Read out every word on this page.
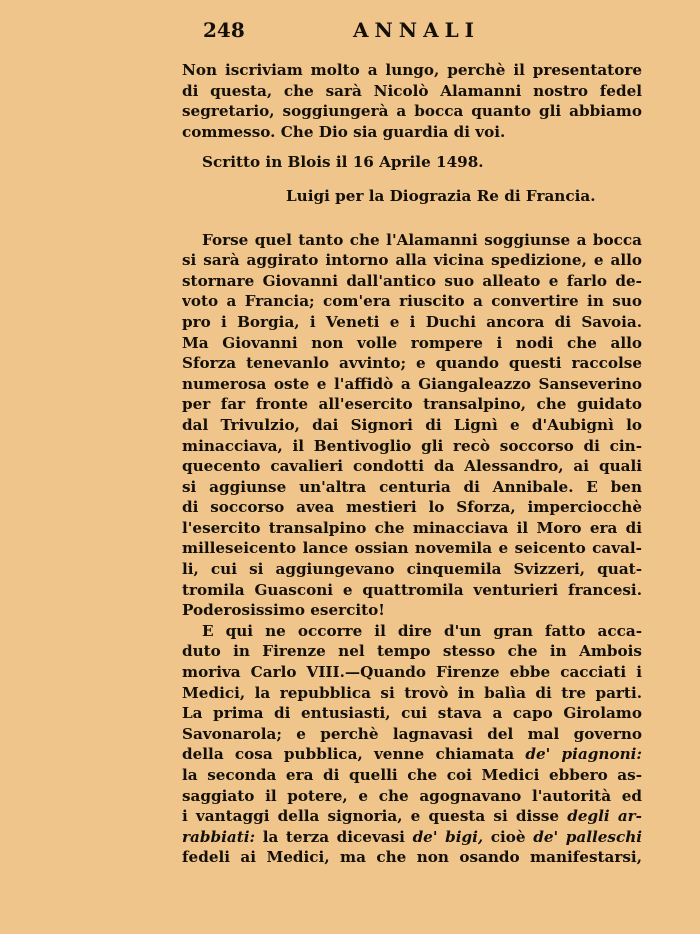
248	ANNALI
Non iscriviam molto a lungo, perchè il presentatore
di questa, che sarà Nicolò Alamanni nostro fedel
segretario, soggiungerà a bocca quanto gli abbiamo
commesso. Che Dio sia guardia di voi.
Scritto in Blois il 16 Aprile 1498.
Luigi per la Diograzia Re di Francia.
Forse quel tanto che l'Alamanni soggiunse a bocca
si sarà aggirato intorno alla vicina spedizione, e allo
stornare Giovanni dall'antico suo alleato e farlo de-
voto a Francia; com'era riuscito a convertire in suo
pro i Borgia, i Veneti e i Duchi ancora di Savoia.
Ma Giovanni non volle rompere i nodi che allo
Sforza tenevanlo avvinto; e quando questi raccolse
numerosa oste e l'affidò a Giangaleazzo Sanseverino
per far fronte all'esercito transalpino, che guidato
dal Trivulzio, dai Signori di Lignì e d'Aubignì lo
minacciava, il Bentivoglio gli recò soccorso di cin-
quecento cavalieri condotti da Alessandro, ai quali
si aggiunse un'altra centuria di Annibale. E ben
di soccorso avea mestieri lo Sforza, imperciocchè
l'esercito transalpino che minacciava il Moro era di
milleseicento lance ossian novemila e seicento caval-
li, cui si aggiungevano cinquemila Svizzeri, quat-
tromila Guasconi e quattromila venturieri francesi.
Poderosissimo esercito!
E qui ne occorre il dire d'un gran fatto acca-
duto in Firenze nel tempo stesso che in Ambois
moriva Carlo VIII.—Quando Firenze ebbe cacciati i
Medici, la repubblica si trovò in balìa di tre parti.
La prima di entusiasti, cui stava a capo Girolamo
Savonarola; e perchè lagnavasi del mal governo
della cosa pubblica, venne chiamata de' piagnoni:
la seconda era di quelli che coi Medici ebbero as-
saggiato il potere, e che agognavano l'autorità ed
i vantaggi della signoria, e questa si disse degli ar-
rabbiati: la terza dicevasi de' bigi, cioè de' palleschi
fedeli ai Medici, ma che non osando manifestarsi,
